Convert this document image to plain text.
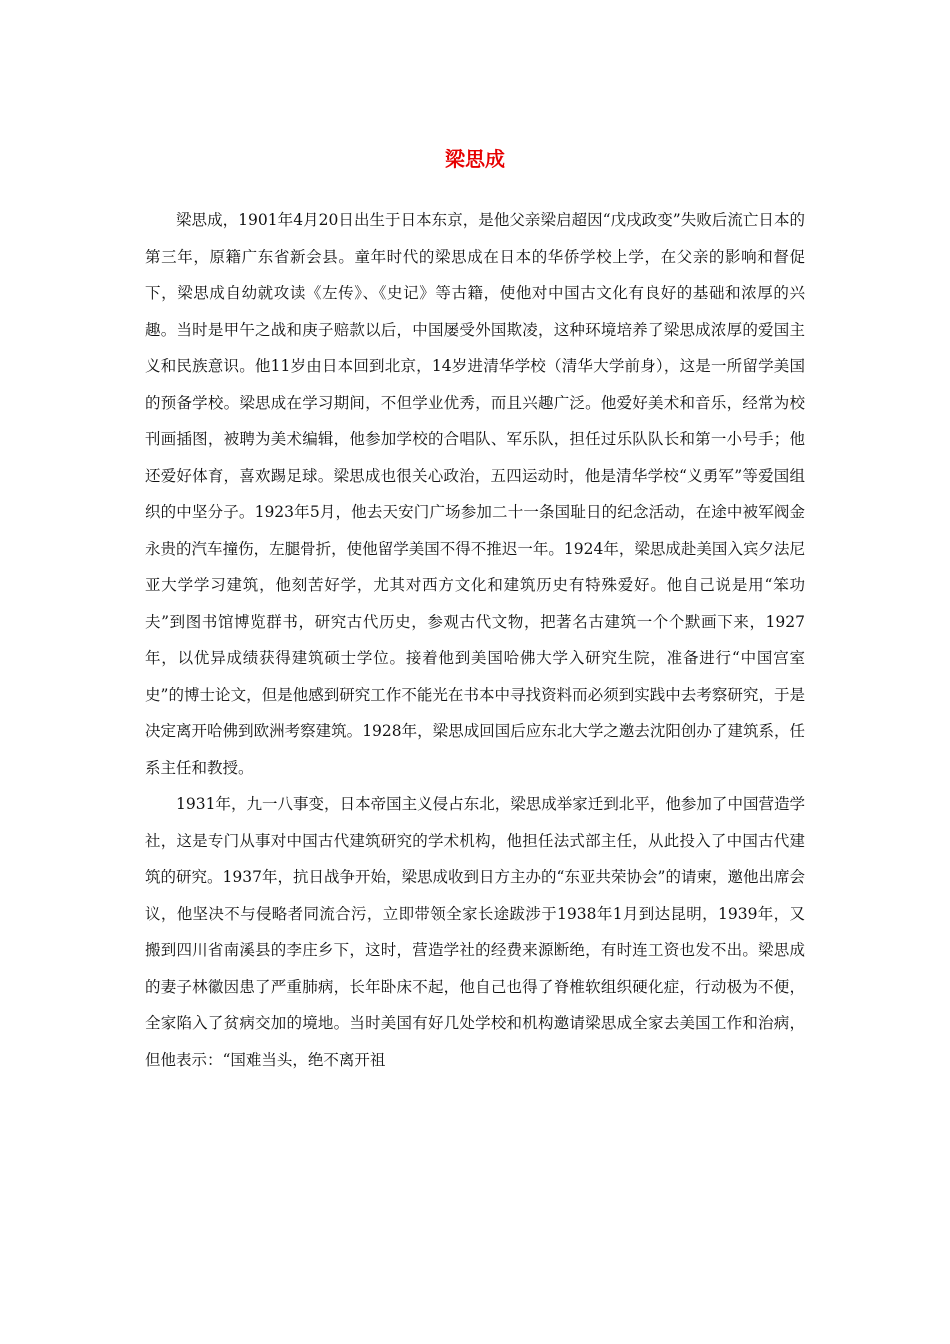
梁思成

梁思成，1901年4月20日出生于日本东京，是他父亲梁启超因“戊戌政变”失败后流亡日本的第三年，原籍广东省新会县。童年时代的梁思成在日本的华侨学校上学，在父亲的影响和督促下，梁思成自幼就攻读《左传》、《史记》等古籍，使他对中国古文化有良好的基础和浓厚的兴趣。当时是甲午之战和庚子赔款以后，中国屡受外国欺凌，这种环境培养了梁思成浓厚的爱国主义和民族意识。他11岁由日本回到北京，14岁进清华学校（清华大学前身），这是一所留学美国的预备学校。梁思成在学习期间，不但学业优秀，而且兴趣广泛。他爱好美术和音乐，经常为校刊画插图，被聘为美术编辑，他参加学校的合唱队、军乐队，担任过乐队队长和第一小号手；他还爱好体育，喜欢踢足球。梁思成也很关心政治，五四运动时，他是清华学校“义勇军”等爱国组织的中坚分子。1923年5月，他去天安门广场参加二十一条国耻日的纪念活动，在途中被军阀金永贵的汽车撞伤，左腿骨折，使他留学美国不得不推迟一年。1924年，梁思成赴美国入宾夕法尼亚大学学习建筑，他刻苦好学，尤其对西方文化和建筑历史有特殊爱好。他自己说是用“笨功夫”到图书馆博览群书，研究古代历史，参观古代文物，把著名古建筑一个个默画下来，1927年，以优异成绩获得建筑硕士学位。接着他到美国哈佛大学入研究生院，准备进行“中国宫室史”的博士论文，但是他感到研究工作不能光在书本中寻找资料而必须到实践中去考察研究，于是决定离开哈佛到欧洲考察建筑。1928年，梁思成回国后应东北大学之邀去沈阳创办了建筑系，任系主任和教授。

1931年，九一八事变，日本帝国主义侵占东北，梁思成举家迁到北平，他参加了中国营造学社，这是专门从事对中国古代建筑研究的学术机构，他担任法式部主任，从此投入了中国古代建筑的研究。1937年，抗日战争开始，梁思成收到日方主办的“东亚共荣协会”的请柬，邀他出席会议，他坚决不与侵略者同流合污，立即带领全家长途跋涉于1938年1月到达昆明，1939年，又搬到四川省南溪县的李庄乡下，这时，营造学社的经费来源断绝，有时连工资也发不出。梁思成的妻子林徽因患了严重肺病，长年卧床不起，他自己也得了脊椎软组织硬化症，行动极为不便，全家陷入了贫病交加的境地。当时美国有好几处学校和机构邀请梁思成全家去美国工作和治病，但他表示：“国难当头，绝不离开祖
